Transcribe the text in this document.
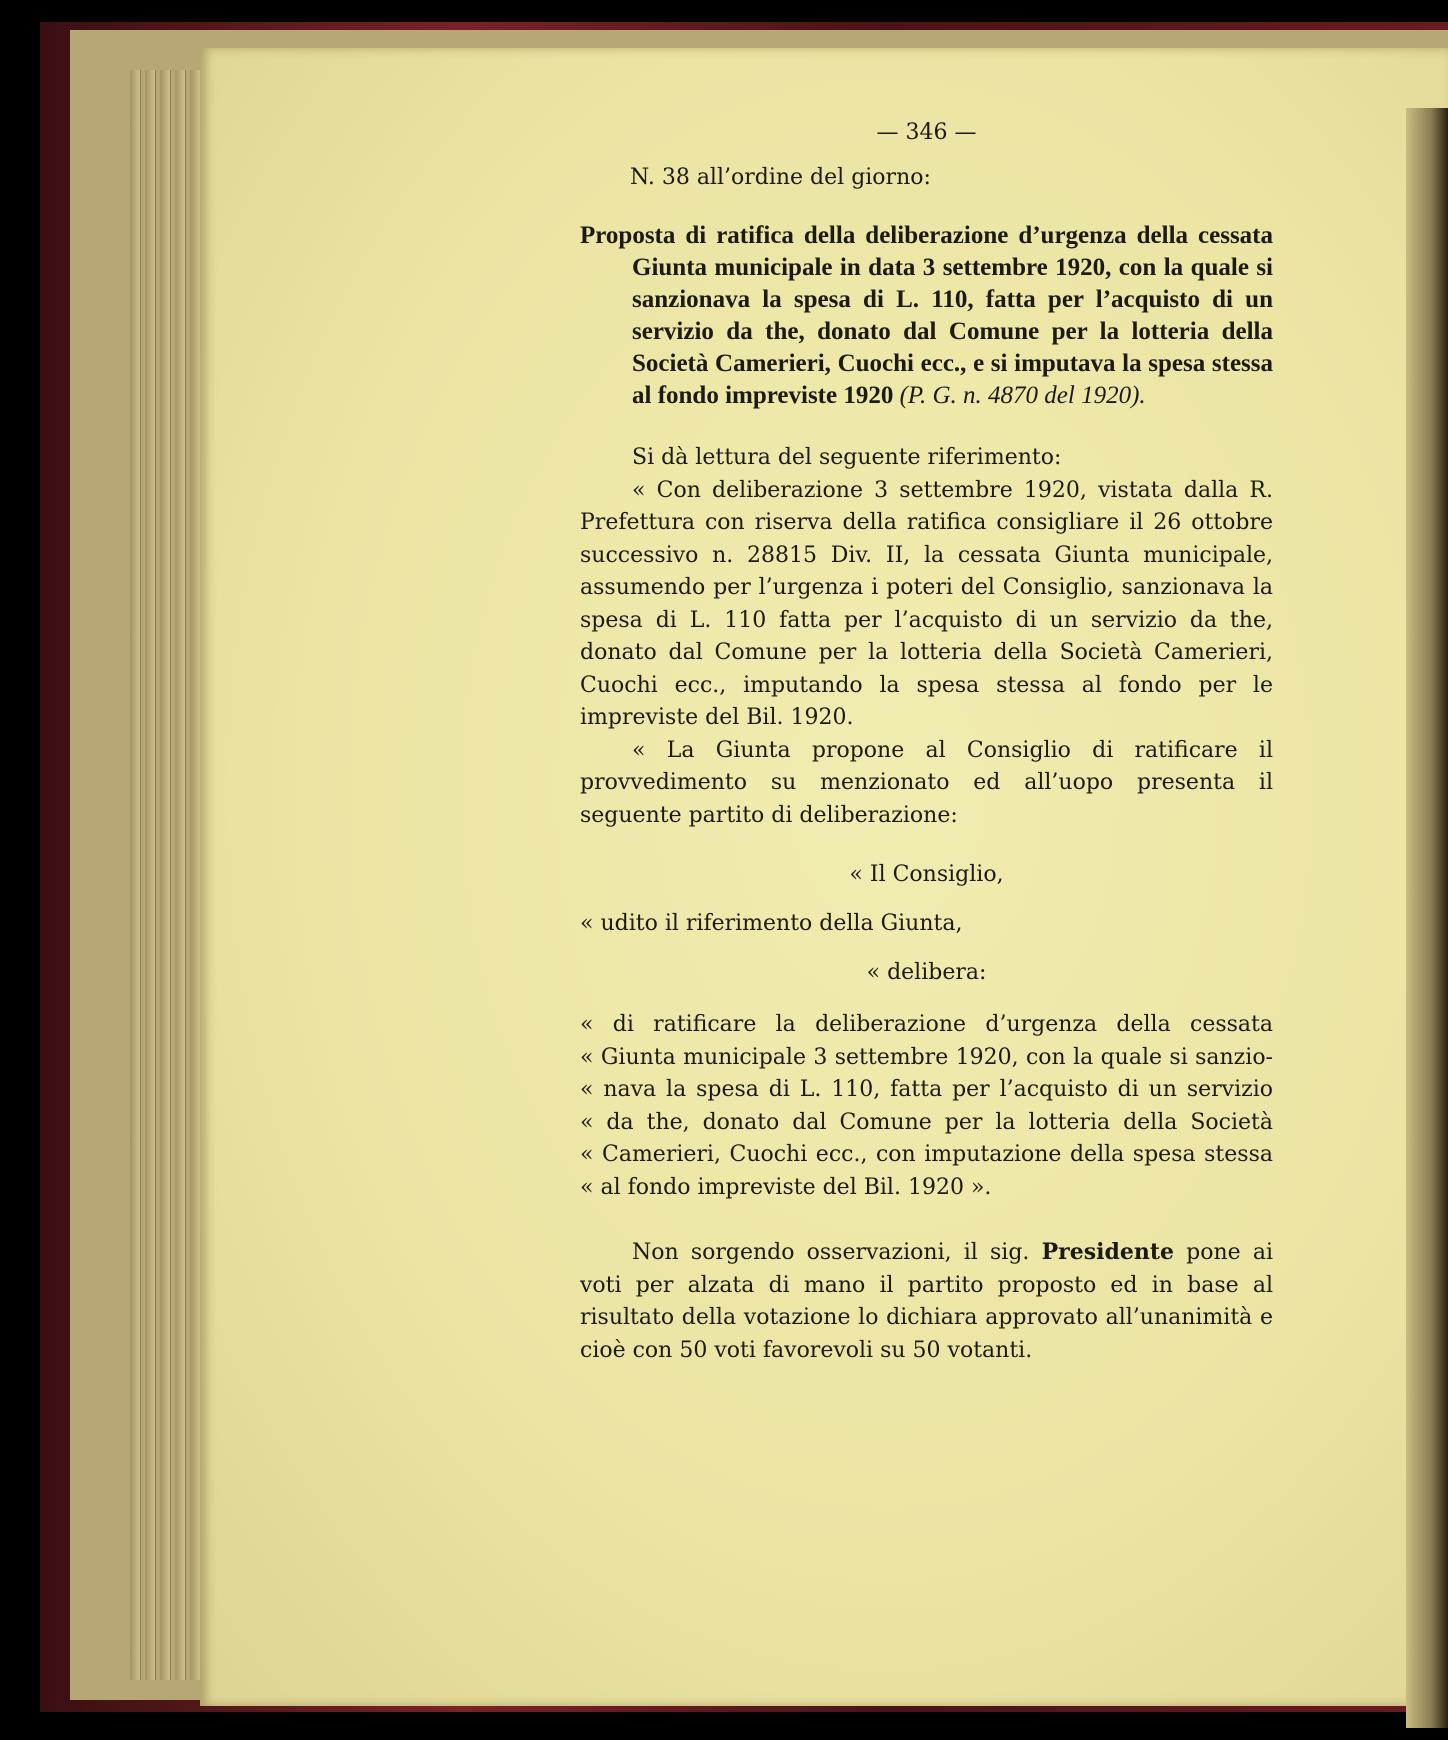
— 346 —
N. 38 all’ordine del giorno:
Proposta di ratifica della deliberazione d’urgenza della cessata Giunta municipale in data 3 settembre 1920, con la quale si sanzionava la spesa di L. 110, fatta per l’acquisto di un servizio da the, donato dal Comune per la lotteria della Società Camerieri, Cuochi ecc., e si imputava la spesa stessa al fondo impreviste 1920 (P. G. n. 4870 del 1920).

Si dà lettura del seguente riferimento:

« Con deliberazione 3 settembre 1920, vistata dalla R. Prefettura con riserva della ratifica consigliare il 26 ottobre successivo n. 28815 Div. II, la cessata Giunta municipale, assumendo per l’urgenza i poteri del Consiglio, sanzionava la spesa di L. 110 fatta per l’acquisto di un servizio da the, donato dal Comune per la lotteria della Società Camerieri, Cuochi ecc., imputando la spesa stessa al fondo per le impreviste del Bil. 1920.

« La Giunta propone al Consiglio di ratificare il provvedimento su menzionato ed all’uopo presenta il seguente partito di deliberazione:

« Il Consiglio,
« udito il riferimento della Giunta,
« delibera:

« di ratificare la deliberazione d’urgenza della cessata

« Giunta municipale 3 settembre 1920, con la quale si sanzio-

« nava la spesa di L. 110, fatta per l’acquisto di un servizio

« da the, donato dal Comune per la lotteria della Società

« Camerieri, Cuochi ecc., con imputazione della spesa stessa

« al fondo impreviste del Bil. 1920 ».

Non sorgendo osservazioni, il sig. Presidente pone ai voti per alzata di mano il partito proposto ed in base al risultato della votazione lo dichiara approvato all’unanimità e cioè con 50 voti favorevoli su 50 votanti.
